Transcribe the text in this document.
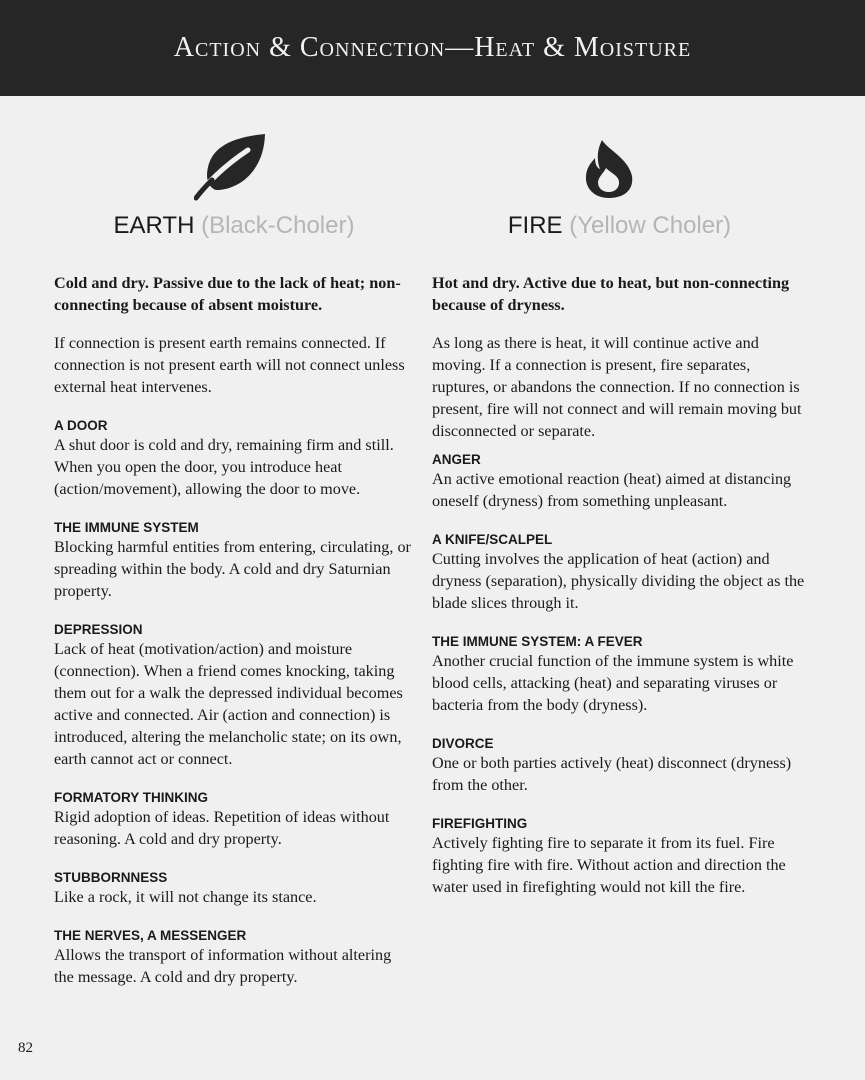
Action & Connection—Heat & Moisture
EARTH (Black-Choler)

Cold and dry. Passive due to the lack of heat; non-connecting because of absent moisture.

If connection is present earth remains connected. If connection is not present earth will not connect unless external heat intervenes.

A DOOR

A shut door is cold and dry, remaining firm and still. When you open the door, you introduce heat (action/movement), allowing the door to move.

THE IMMUNE SYSTEM

Blocking harmful entities from entering, circulating, or spreading within the body. A cold and dry Saturnian property.

DEPRESSION

Lack of heat (motivation/action) and moisture (connection). When a friend comes knocking, taking them out for a walk the depressed individual becomes active and connected. Air (action and connection) is introduced, altering the melancholic state; on its own, earth cannot act or connect.

FORMATORY THINKING

Rigid adoption of ideas. Repetition of ideas without reasoning. A cold and dry property.

STUBBORNNESS

Like a rock, it will not change its stance.

THE NERVES, A MESSENGER

Allows the transport of information without altering the message. A cold and dry property.

FIRE (Yellow Choler)

Hot and dry. Active due to heat, but non-connecting because of dryness.

As long as there is heat, it will continue active and moving. If a connection is present, fire separates, ruptures, or abandons the connection. If no connection is present, fire will not connect and will remain moving but disconnected or separate.

ANGER

An active emotional reaction (heat) aimed at distancing oneself (dryness) from something unpleasant.

A KNIFE/SCALPEL

Cutting involves the application of heat (action) and dryness (separation), physically dividing the object as the blade slices through it.

THE IMMUNE SYSTEM: A FEVER

Another crucial function of the immune system is white blood cells, attacking (heat) and separating viruses or bacteria from the body (dryness).

DIVORCE

One or both parties actively (heat) disconnect (dryness) from the other.

FIREFIGHTING

Actively fighting fire to separate it from its fuel. Fire fighting fire with fire. Without action and direction the water used in firefighting would not kill the fire.

82
